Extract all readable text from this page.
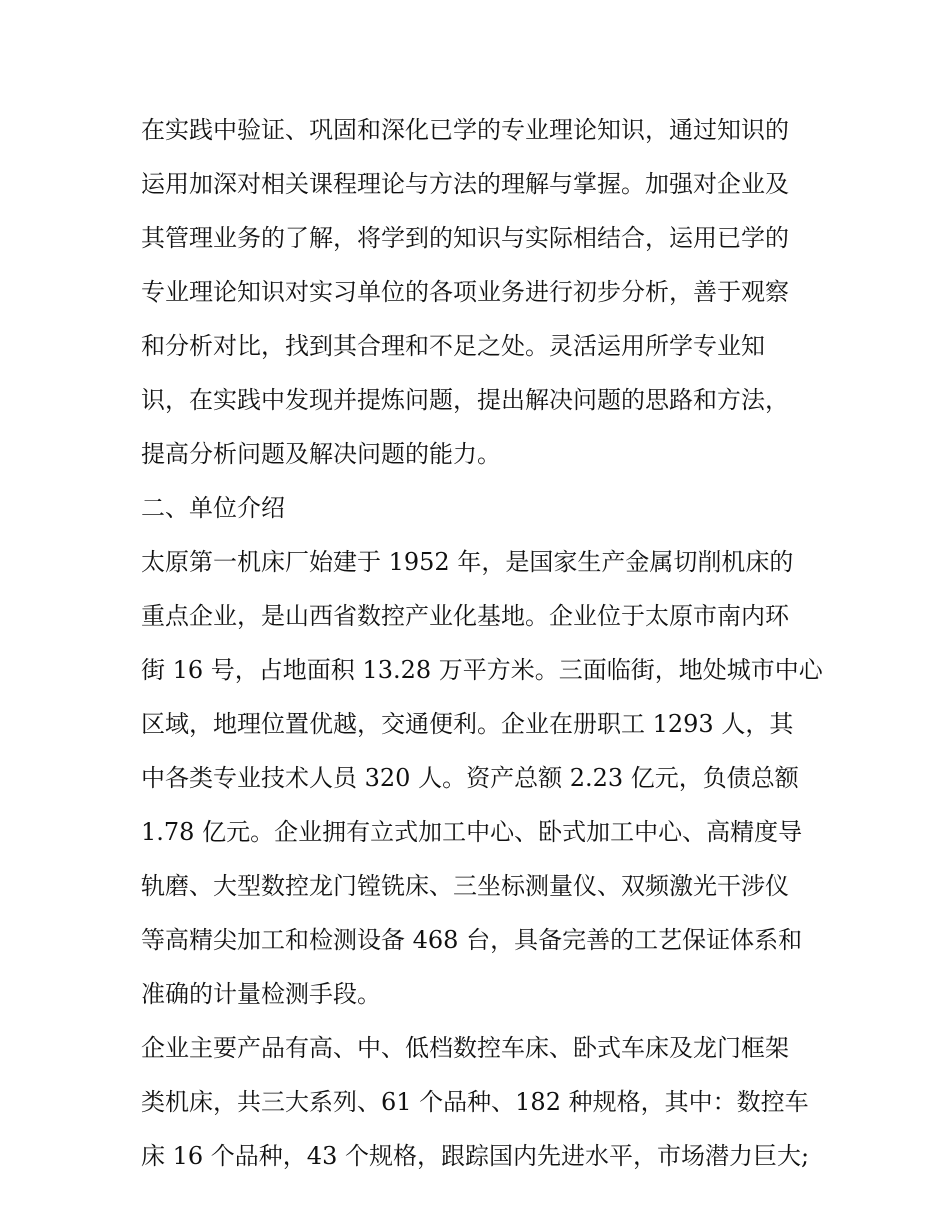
在实践中验证、巩固和深化已学的专业理论知识，通过知识的
运用加深对相关课程理论与方法的理解与掌握。加强对企业及
其管理业务的了解，将学到的知识与实际相结合，运用已学的
专业理论知识对实习单位的各项业务进行初步分析，善于观察
和分析对比，找到其合理和不足之处。灵活运用所学专业知
识，在实践中发现并提炼问题，提出解决问题的思路和方法，
提高分析问题及解决问题的能力。
二、单位介绍
太原第一机床厂始建于 1952 年，是国家生产金属切削机床的
重点企业，是山西省数控产业化基地。企业位于太原市南内环
街 16 号，占地面积 13.28 万平方米。三面临街，地处城市中心
区域，地理位置优越，交通便利。企业在册职工 1293 人，其
中各类专业技术人员 320 人。资产总额 2.23 亿元，负债总额
1.78 亿元。企业拥有立式加工中心、卧式加工中心、高精度导
轨磨、大型数控龙门镗铣床、三坐标测量仪、双频激光干涉仪
等高精尖加工和检测设备 468 台，具备完善的工艺保证体系和
准确的计量检测手段。
企业主要产品有高、中、低档数控车床、卧式车床及龙门框架
类机床，共三大系列、61 个品种、182 种规格，其中：数控车
床 16 个品种，43 个规格，跟踪国内先进水平，市场潜力巨大;
